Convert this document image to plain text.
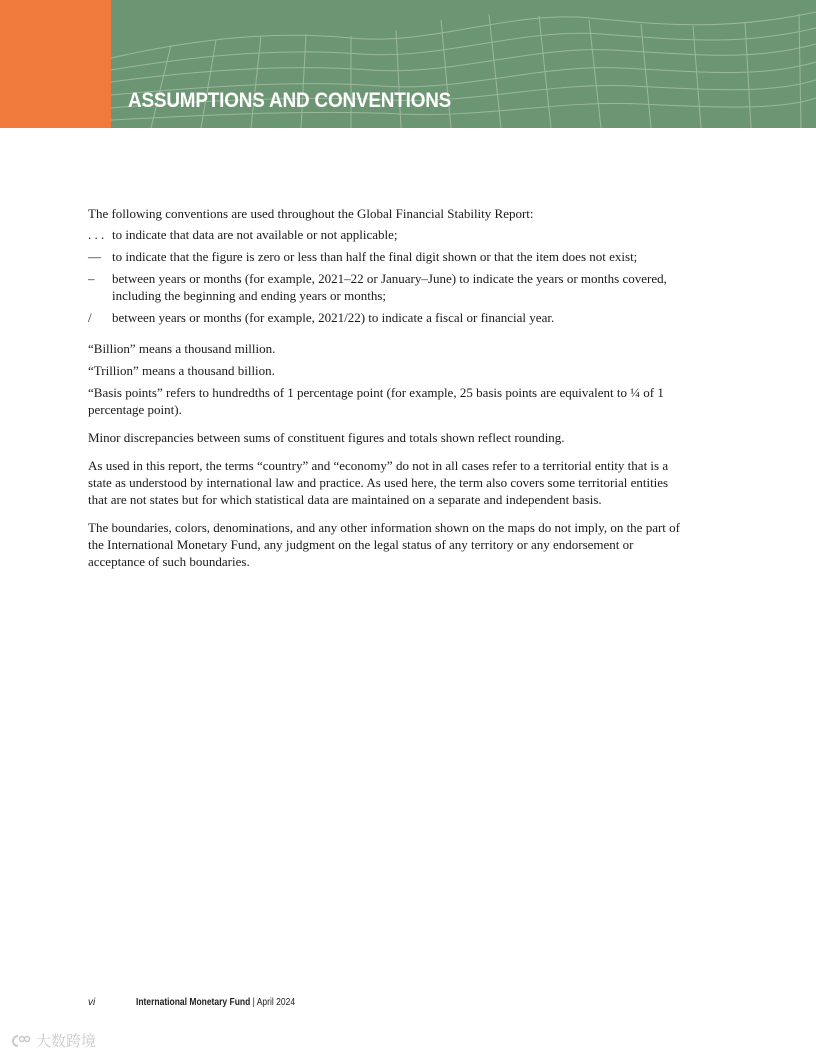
ASSUMPTIONS AND CONVENTIONS

The following conventions are used throughout the Global Financial Stability Report:

. . . to indicate that data are not available or not applicable;
— to indicate that the figure is zero or less than half the final digit shown or that the item does not exist;
–	between years or months (for example, 2021–22 or January–June) to indicate the years or months covered, including the beginning and ending years or months;
/	between years or months (for example, 2021/22) to indicate a fiscal or financial year.

“Billion” means a thousand million.

“Trillion” means a thousand billion.

“Basis points” refers to hundredths of 1 percentage point (for example, 25 basis points are equivalent to ¼ of 1 percentage point).

Minor discrepancies between sums of constituent figures and totals shown reflect rounding.

As used in this report, the terms “country” and “economy” do not in all cases refer to a territorial entity that is a state as understood by international law and practice. As used here, the term also covers some territorial entities that are not states but for which statistical data are maintained on a separate and independent basis.

The boundaries, colors, denominations, and any other information shown on the maps do not imply, on the part of the International Monetary Fund, any judgment on the legal status of any territory or any endorsement or acceptance of such boundaries.

vi	International Monetary Fund | April 2024
大数跨境
